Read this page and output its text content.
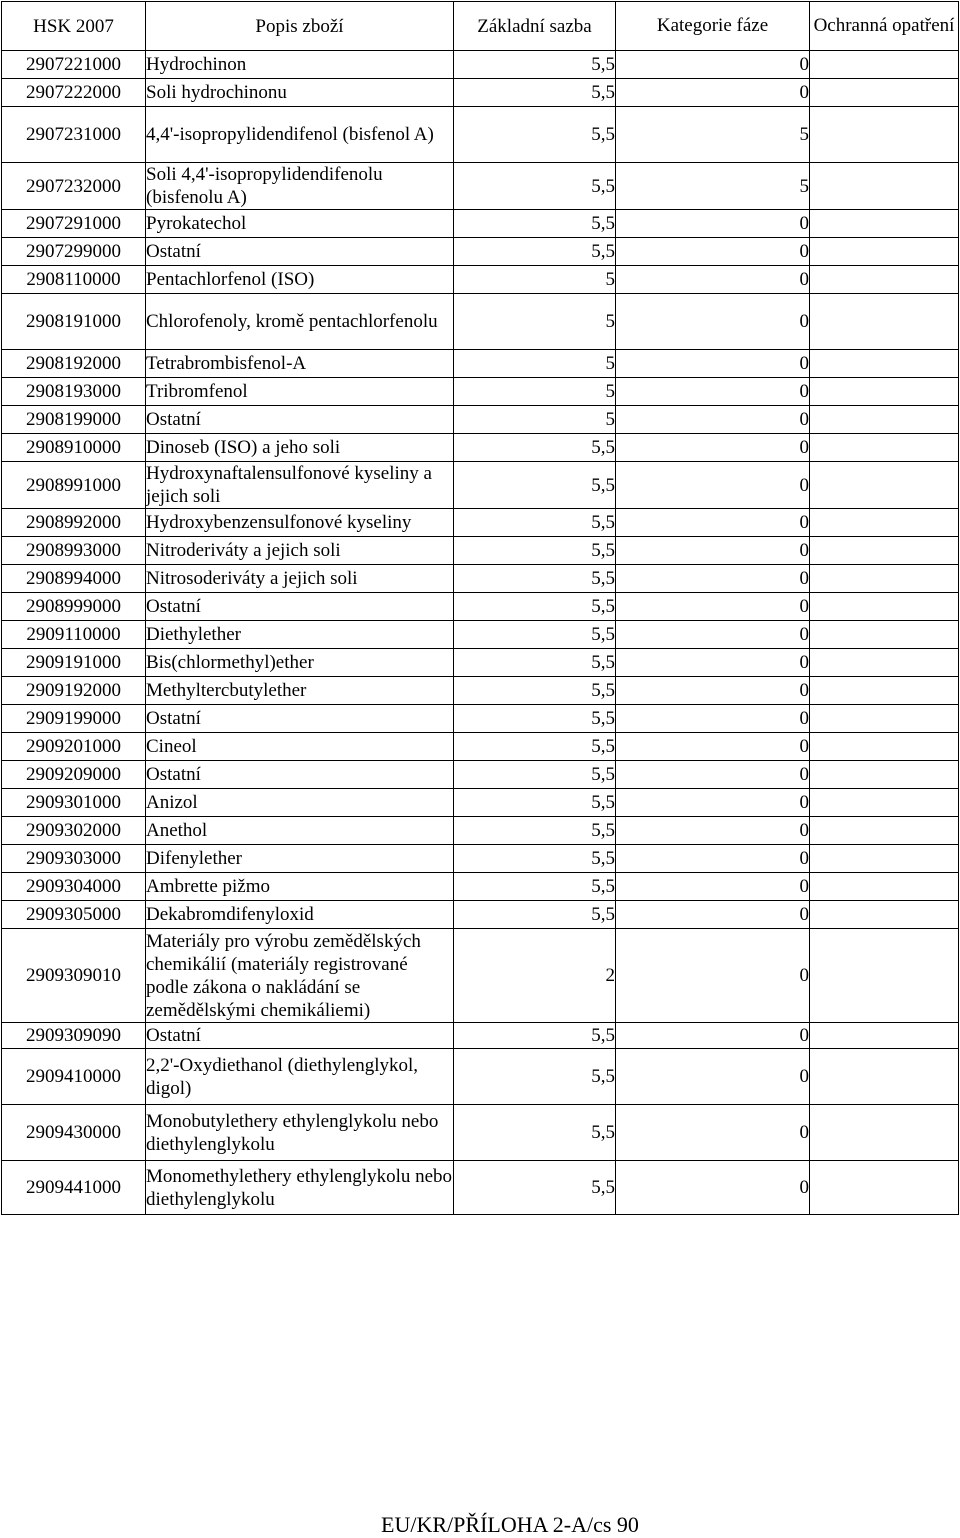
HSK 2007	Popis zboží	Základní sazba	Kategorie fáze	Ochranná opatření
2907221000	Hydrochinon	5,5	0	
2907222000	Soli hydrochinonu	5,5	0	
2907231000	4,4'-isopropylidendifenol (bisfenol A)	5,5	5	
2907232000	Soli 4,4'-isopropylidendifenolu (bisfenolu A)	5,5	5	
2907291000	Pyrokatechol	5,5	0	
2907299000	Ostatní	5,5	0	
2908110000	Pentachlorfenol (ISO)	5	0	
2908191000	Chlorofenoly, kromě pentachlorfenolu	5	0	
2908192000	Tetrabrombisfenol-A	5	0	
2908193000	Tribromfenol	5	0	
2908199000	Ostatní	5	0	
2908910000	Dinoseb (ISO) a jeho soli	5,5	0	
2908991000	Hydroxynaftalensulfonové kyseliny a jejich soli	5,5	0	
2908992000	Hydroxybenzensulfonové kyseliny	5,5	0	
2908993000	Nitroderiváty a jejich soli	5,5	0	
2908994000	Nitrosoderiváty a jejich soli	5,5	0	
2908999000	Ostatní	5,5	0	
2909110000	Diethylether	5,5	0	
2909191000	Bis(chlormethyl)ether	5,5	0	
2909192000	Methyltercbutylether	5,5	0	
2909199000	Ostatní	5,5	0	
2909201000	Cineol	5,5	0	
2909209000	Ostatní	5,5	0	
2909301000	Anizol	5,5	0	
2909302000	Anethol	5,5	0	
2909303000	Difenylether	5,5	0	
2909304000	Ambrette pižmo	5,5	0	
2909305000	Dekabromdifenyloxid	5,5	0	
2909309010	Materiály pro výrobu zemědělských chemikálií (materiály registrované podle zákona o nakládání se zemědělskými chemikáliemi)	2	0	
2909309090	Ostatní	5,5	0	
2909410000	2,2'-Oxydiethanol (diethylenglykol, digol)	5,5	0	
2909430000	Monobutylethery ethylenglykolu nebo diethylenglykolu	5,5	0	
2909441000	Monomethylethery ethylenglykolu nebo diethylenglykolu	5,5	0	
EU/KR/PŘÍLOHA 2-A/cs 90
